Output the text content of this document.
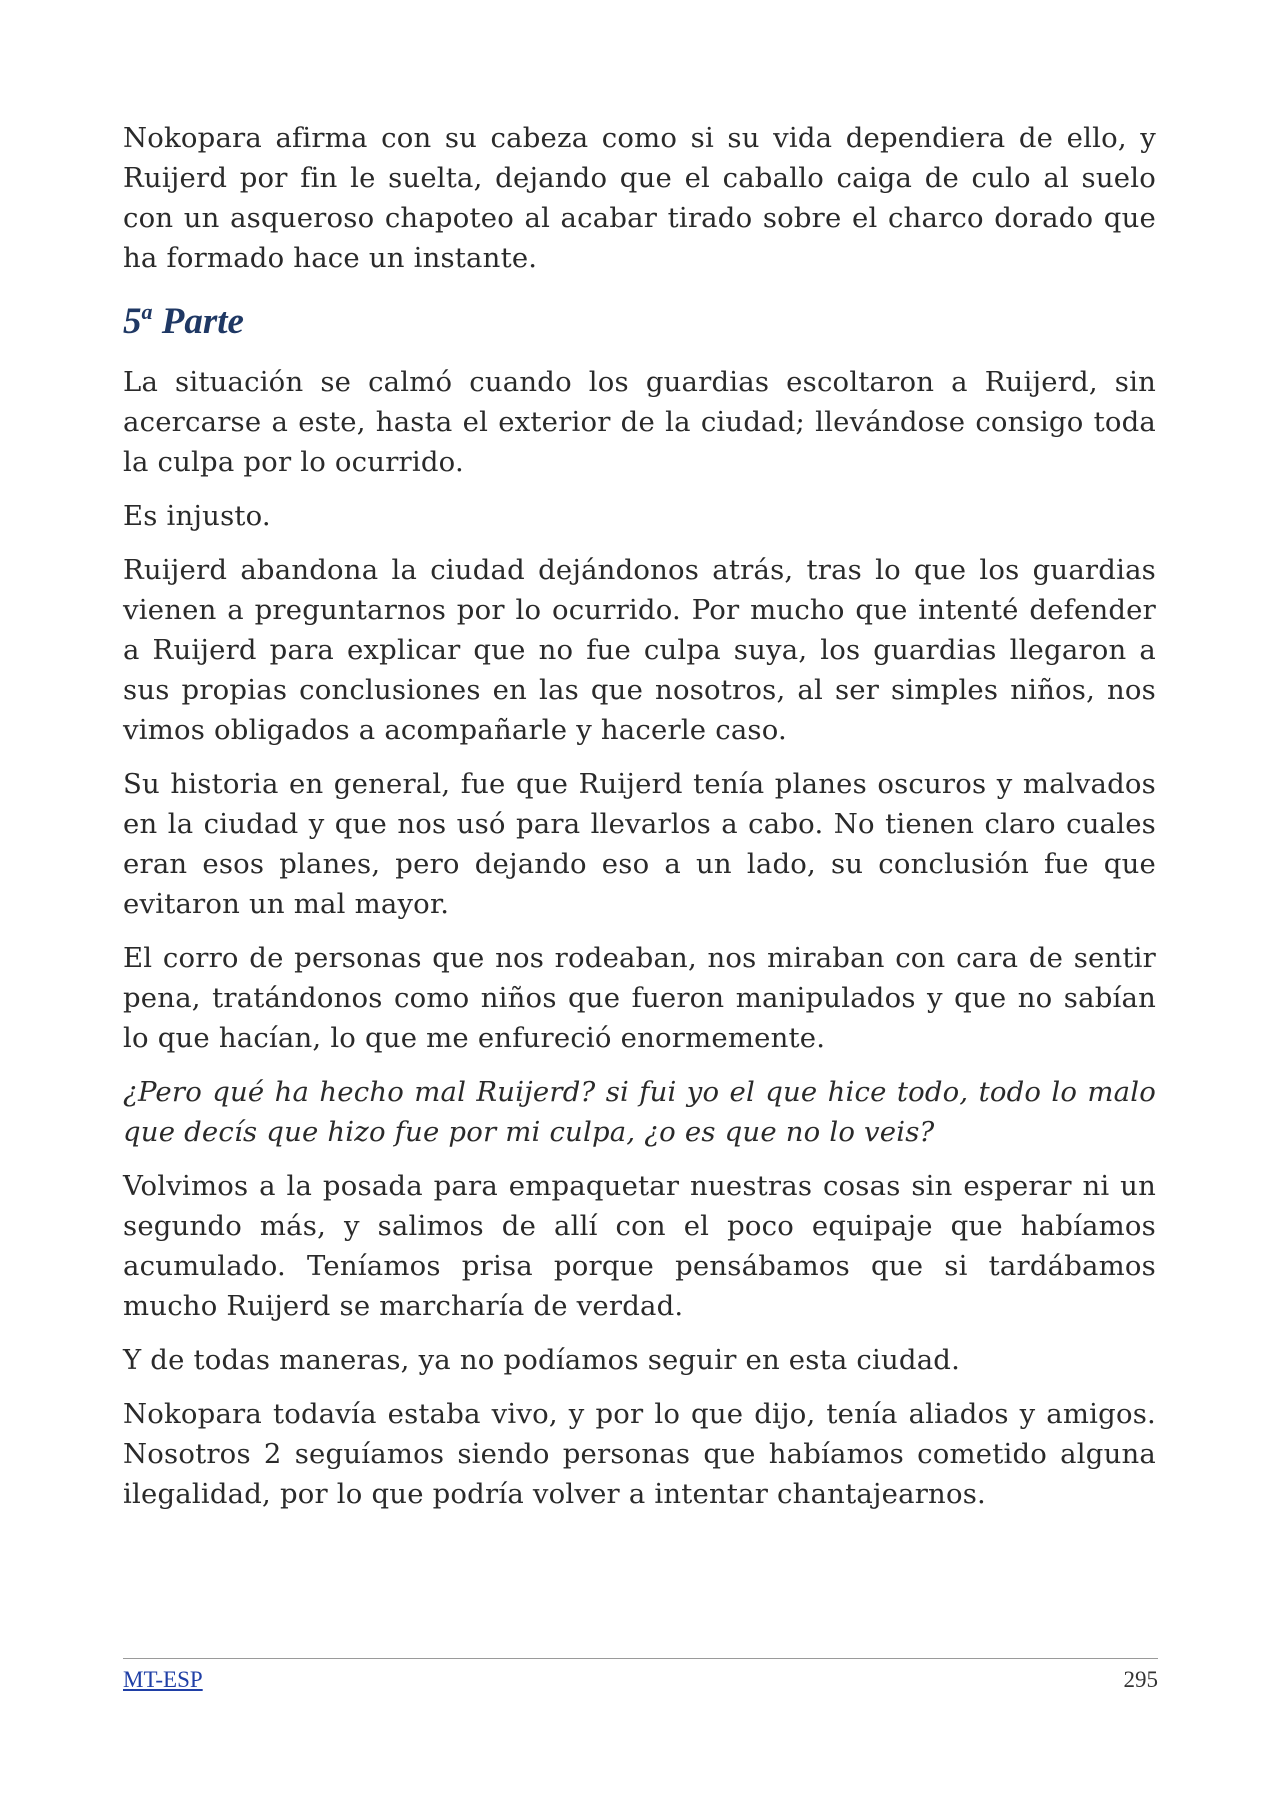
Nokopara afirma con su cabeza como si su vida dependiera de ello, y Ruijerd por fin le suelta, dejando que el caballo caiga de culo al suelo con un asqueroso chapoteo al acabar tirado sobre el charco dorado que ha formado hace un instante.

5$^a$ Parte

La situación se calmó cuando los guardias escoltaron a Ruijerd, sin acercarse a este, hasta el exterior de la ciudad; llevándose consigo toda la culpa por lo ocurrido.

Es injusto.

Ruijerd abandona la ciudad dejándonos atrás, tras lo que los guardias vienen a preguntarnos por lo ocurrido. Por mucho que intenté defender a Ruijerd para explicar que no fue culpa suya, los guardias llegaron a sus propias conclusiones en las que nosotros, al ser simples niños, nos vimos obligados a acompañarle y hacerle caso.

Su historia en general, fue que Ruijerd tenía planes oscuros y malvados en la ciudad y que nos usó para llevarlos a cabo. No tienen claro cuales eran esos planes, pero dejando eso a un lado, su conclusión fue que evitaron un mal mayor.

El corro de personas que nos rodeaban, nos miraban con cara de sentir pena, tratándonos como niños que fueron manipulados y que no sabían lo que hacían, lo que me enfureció enormemente.

¿Pero qué ha hecho mal Ruijerd? si fui yo el que hice todo, todo lo malo que decís que hizo fue por mi culpa, ¿o es que no lo veis?

Volvimos a la posada para empaquetar nuestras cosas sin esperar ni un segundo más, y salimos de allí con el poco equipaje que habíamos acumulado. Teníamos prisa porque pensábamos que si tardábamos mucho Ruijerd se marcharía de verdad.

Y de todas maneras, ya no podíamos seguir en esta ciudad.

Nokopara todavía estaba vivo, y por lo que dijo, tenía aliados y amigos. Nosotros 2 seguíamos siendo personas que habíamos cometido alguna ilegalidad, por lo que podría volver a intentar chantajearnos.

MT-ESP	295
